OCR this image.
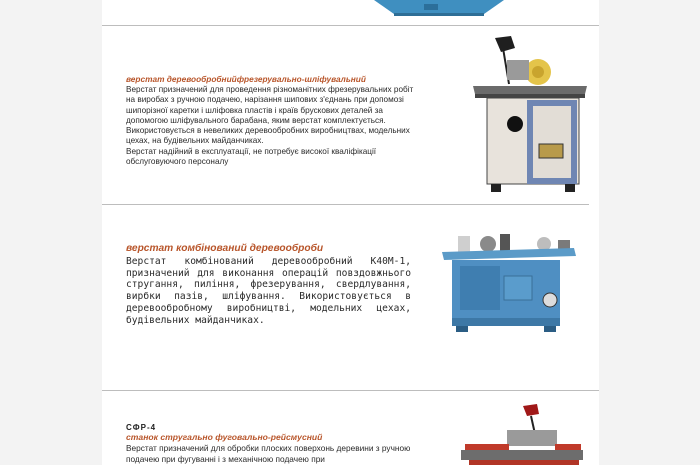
верстат деревообробнийфрезерувально-шліфувальний

Верстат призначений для проведення різноманітних фрезерувальних робіт на виробах з ручною подачею, нарізання шипових з'єднань при допомозі шипорізної каретки і шліфовка пластів і країв брускових деталей за допомогою шліфувального барабана, яким верстат комплектується.

Використовується в невеликих деревообробних виробництвах, модельних цехах, на будівельних майданчиках.

Верстат надійний в експлуатації, не потребує високої кваліфікації обслуговуючого персоналу

верстат комбінований деревооброби

Верстат комбінований деревообробний К40М-1, призначений для виконання операцій повздовжнього стругання, пиління, фрезерування, свердлування, вирбки пазів, шліфування. Використовується в деревообробному виробництві, модельних цехах, будівельних майданчиках.

СФР-4
станок стругально фуговально-рейсмусний

Верстат призначений для обробки плоских поверхонь деревини з ручною подачею при фугуванні і з механічною подачею при
